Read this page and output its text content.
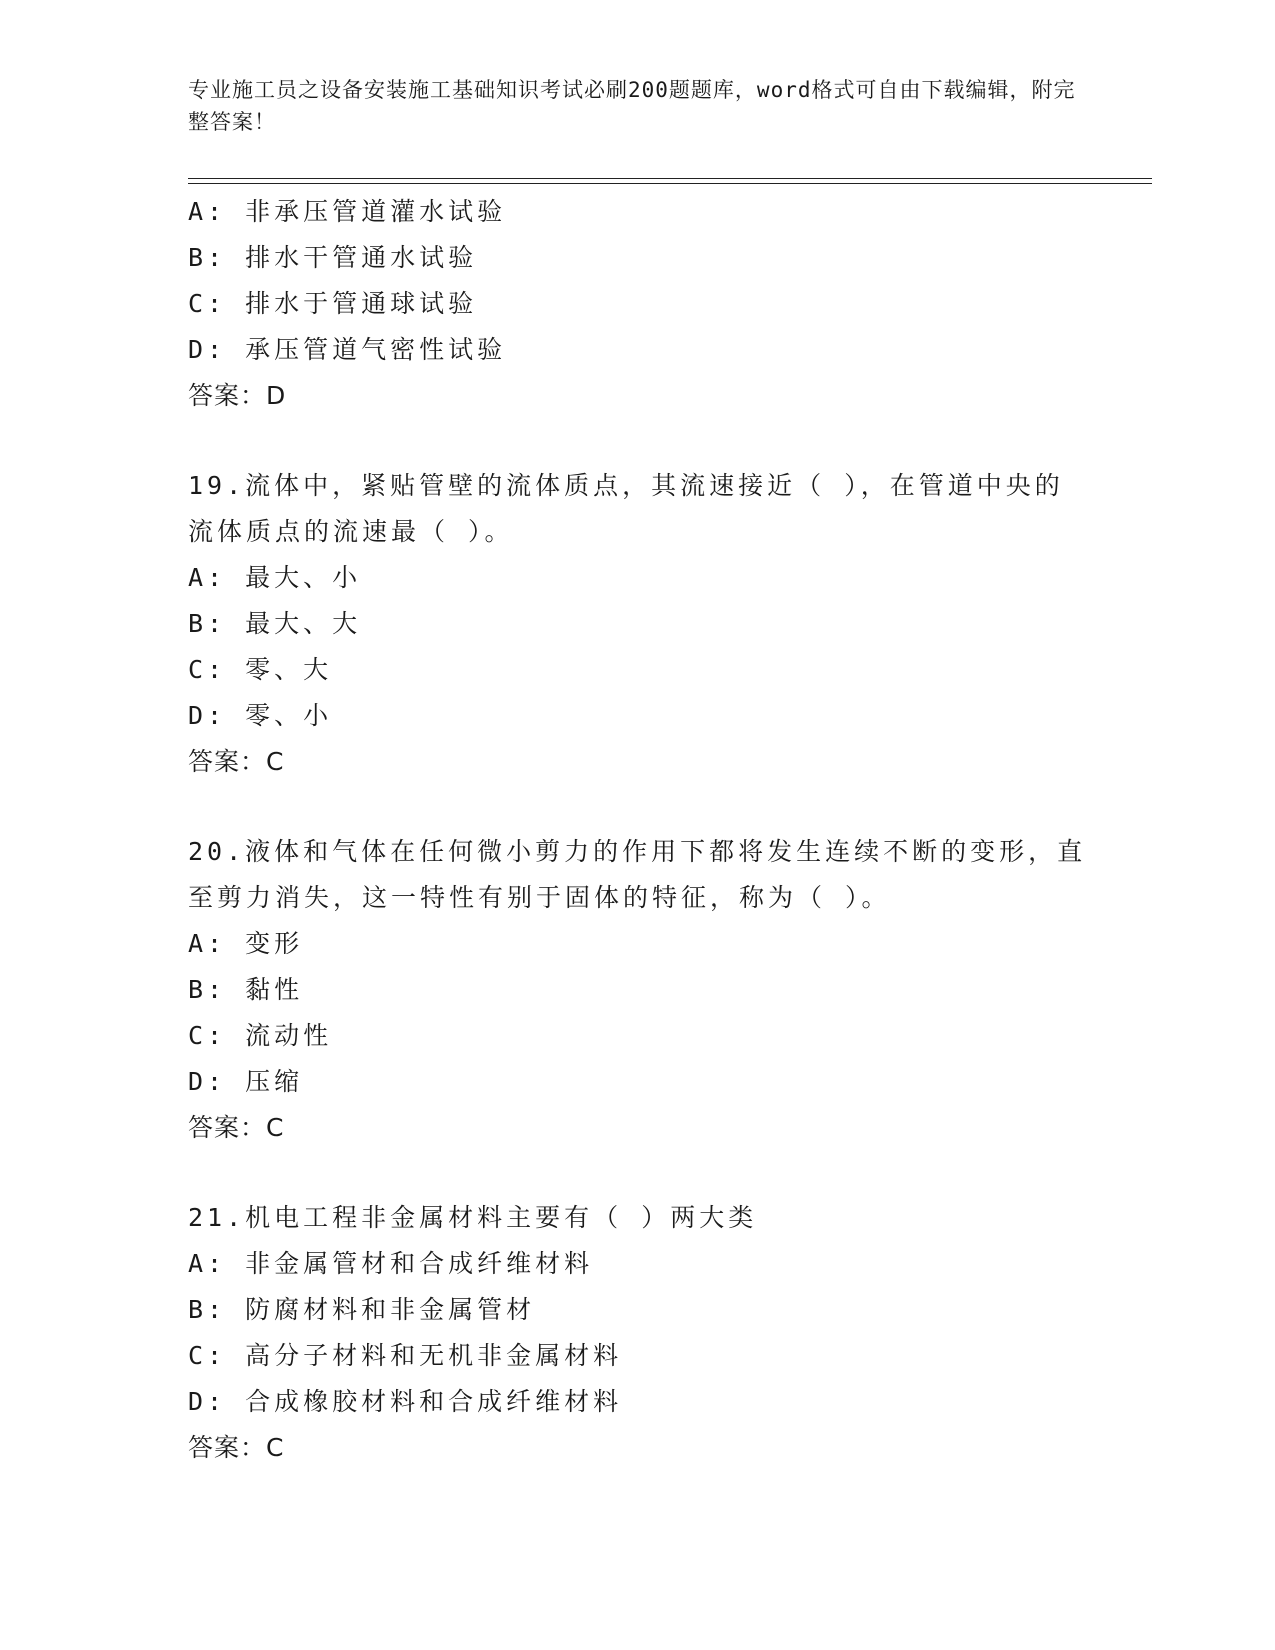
专业施工员之设备安装施工基础知识考试必刷200题题库，word格式可自由下载编辑，附完整答案！
A: 非承压管道灌水试验
B: 排水干管通水试验
C: 排水于管通球试验
D: 承压管道气密性试验
答案：D
19.流体中，紧贴管壁的流体质点，其流速接近（ ），在管道中央的流体质点的流速最（ ）。
A: 最大、小
B: 最大、大
C: 零、大
D: 零、小
答案：C
20.液体和气体在任何微小剪力的作用下都将发生连续不断的变形，直至剪力消失，这一特性有别于固体的特征，称为（ ）。
A: 变形
B: 黏性
C: 流动性
D: 压缩
答案：C
21.机电工程非金属材料主要有（ ）两大类
A: 非金属管材和合成纤维材料
B: 防腐材料和非金属管材
C: 高分子材料和无机非金属材料
D: 合成橡胶材料和合成纤维材料
答案：C
